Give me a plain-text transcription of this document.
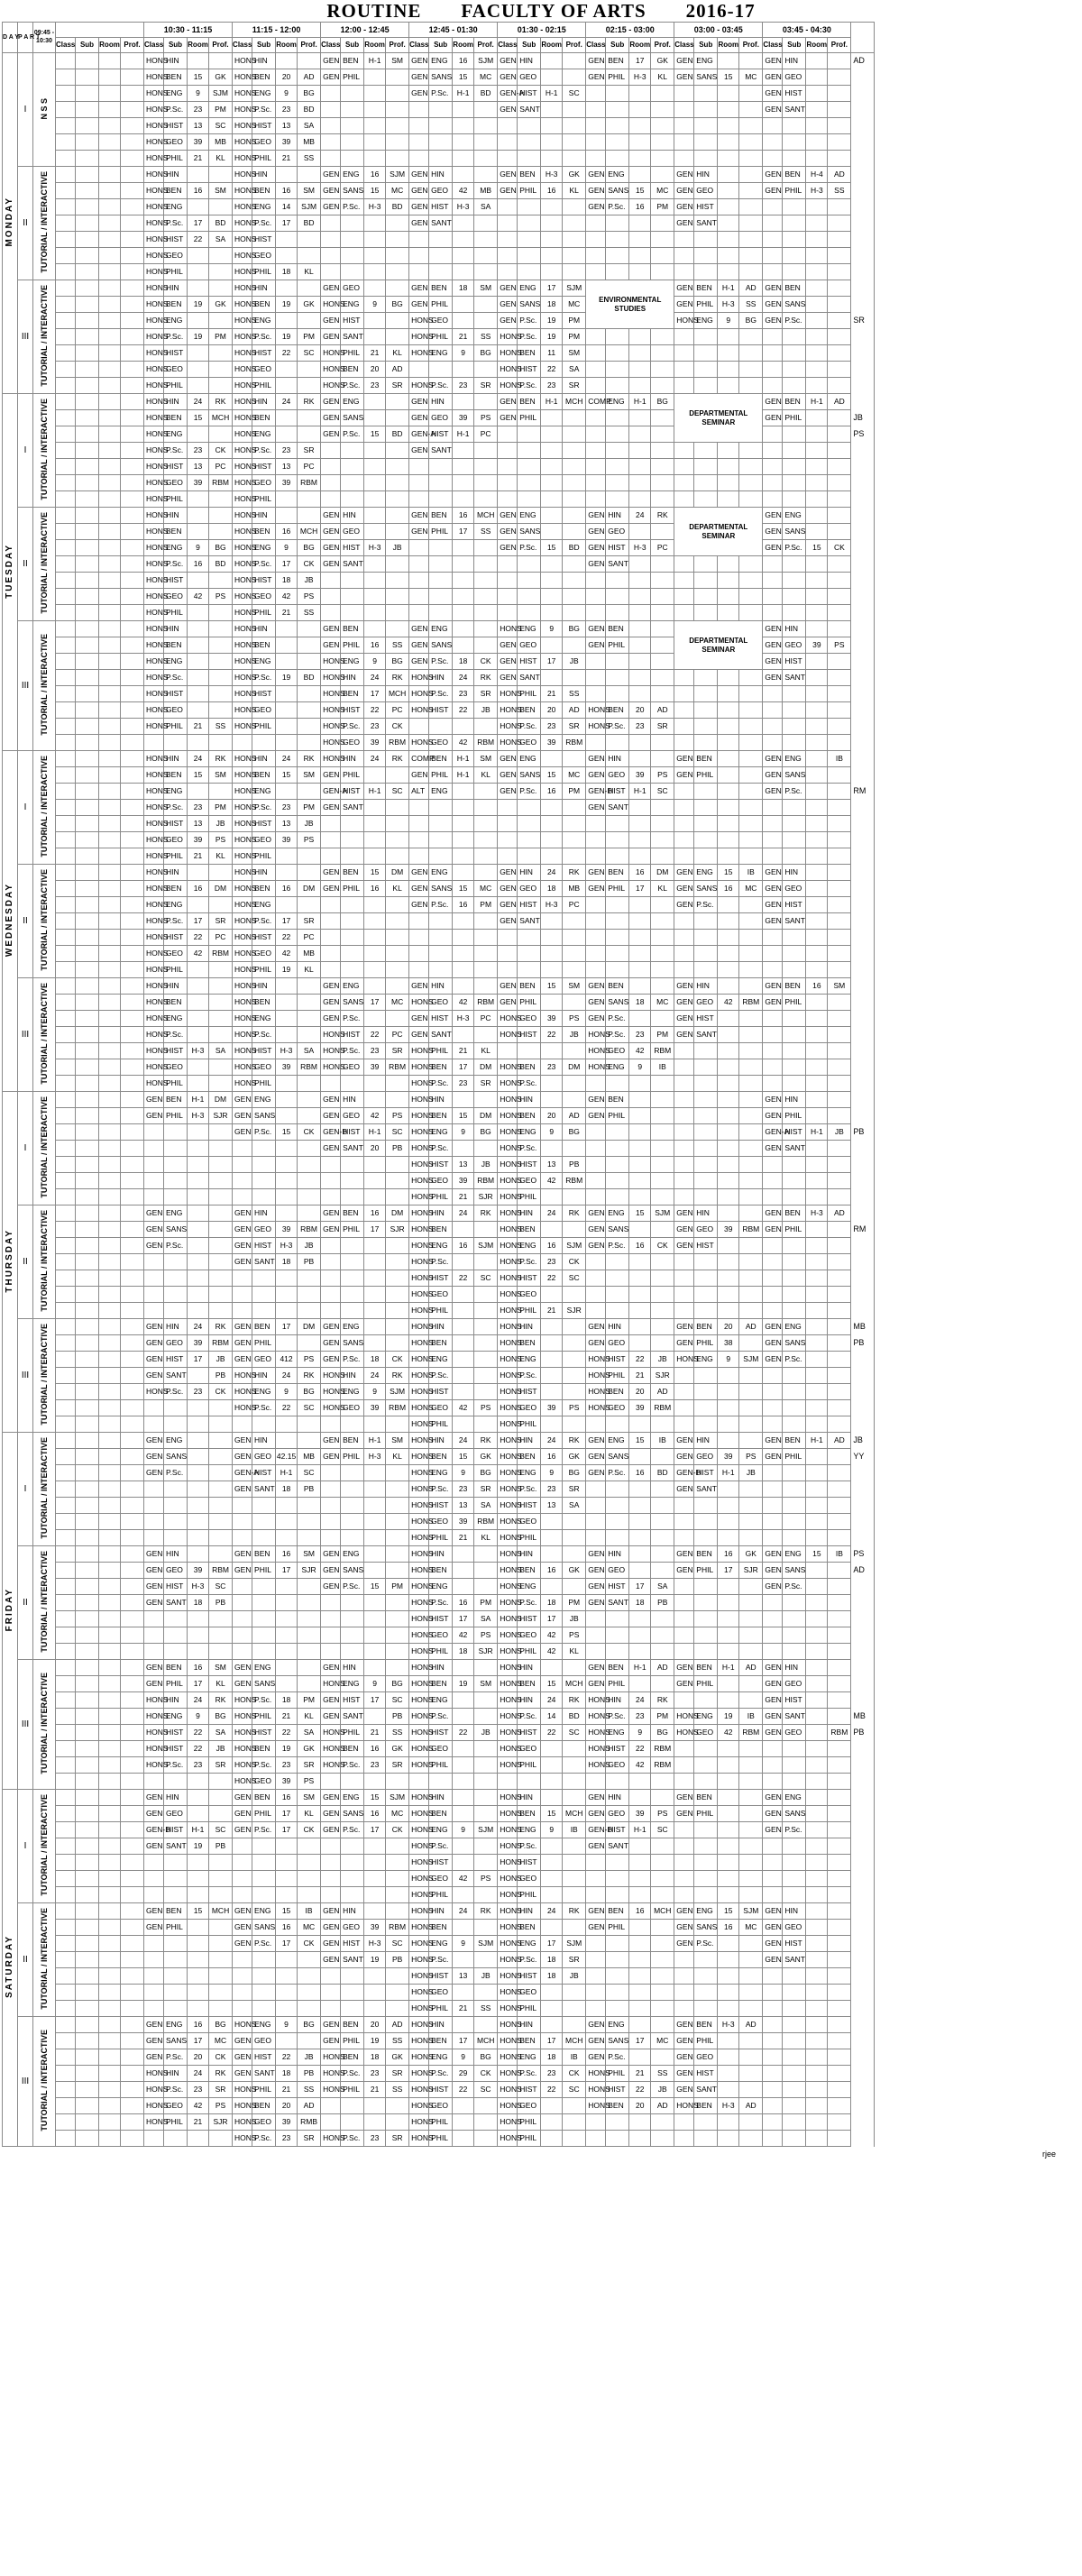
ROUTINE FACULTY OF ARTS 2016-17
D A Y	P A R T	09:45 - 10:30					10:30 - 11:15				11:15 - 12:00				12:00 - 12:45				12:45 - 01:30				01:30 - 02:15				02:15 - 03:00				03:00 - 03:45				03:45 - 04:30				
			Class	Sub	Room	Prof.	Class	Sub	Room	Prof.	Class	Sub	Room	Prof.	Class	Sub	Room	Prof.	Class	Sub	Room	Prof.	Class	Sub	Room	Prof.	Class	Sub	Room	Prof.	Class	Sub	Room	Prof.	Class	Sub	Room	Prof.	
MONDAY	I	N S S					HONS	HIN			HONS	HIN			GEN	BEN	H-1	SM	GEN	ENG	16	SJM	GEN	HIN			GEN	BEN	17	GK	GEN	ENG			GEN	HIN			AD
							HONS	BEN	15	GK	HONS	BEN	20	AD	GEN	PHIL			GEN	SANS	15	MC	GEN	GEO			GEN	PHIL	H-3	KL	GEN	SANS	15	MC	GEN	GEO			
							HONS	ENG	9	SJM	HONS	ENG	9	BG					GEN	P.Sc.	H-1	BD	GEN-A	HIST	H-1	SC									GEN	HIST			
							HONS	P.Sc.	23	PM	HONS	P.Sc.	23	BD									GEN	SANT											GEN	SANT			
							HONS	HIST	13	SC	HONS	HIST	13	SA																									
							HONS	GEO	39	MB	HONS	GEO	39	MB																									
							HONS	PHIL	21	KL	HONS	PHIL	21	SS																									
	II	TUTORIAL / INTERACTIVE					HONS	HIN			HONS	HIN			GEN	ENG	16	SJM	GEN	HIN			GEN	BEN	H-3	GK	GEN	ENG			GEN	HIN			GEN	BEN	H-4	AD	
							HONS	BEN	16	SM	HONS	BEN	16	SM	GEN	SANS	15	MC	GEN	GEO	42	MB	GEN	PHIL	16	KL	GEN	SANS	15	MC	GEN	GEO			GEN	PHIL	H-3	SS	
							HONS	ENG			HONS	ENG	14	SJM	GEN	P.Sc.	H-3	BD	GEN	HIST	H-3	SA					GEN	P.Sc.	16	PM	GEN	HIST							
							HONS	P.Sc.	17	BD	HONS	P.Sc.	17	BD					GEN	SANT											GEN	SANT							
							HONS	HIST	22	SA	HONS	HIST																											
							HONS	GEO			HONS	GEO																											
							HONS	PHIL			HONS	PHIL	18	KL																									
	III	TUTORIAL / INTERACTIVE					HONS	HIN			HONS	HIN			GEN	GEO			GEN	BEN	18	SM	GEN	ENG	17	SJM	ENVIRONMENTAL STUDIES				GEN	BEN	H-1	AD	GEN	BEN			
							HONS	BEN	19	GK	HONS	BEN	19	GK	HONS	ENG	9	BG	GEN	PHIL			GEN	SANS	18	MC					GEN	PHIL	H-3	SS	GEN	SANS			
							HONS	ENG			HONS	ENG			GEN	HIST			HONS	GEO			GEN	P.Sc.	19	PM					HONS	ENG	9	BG	GEN	P.Sc.			SR
							HONS	P.Sc.	19	PM	HONS	P.Sc.	19	PM	GEN	SANT			HONS	PHIL	21	SS	HONS	P.Sc.	19	PM													
							HONS	HIST			HONS	HIST	22	SC	HONS	PHIL	21	KL	HONS	ENG	9	BG	HONS	BEN	11	SM													
							HONS	GEO			HONS	GEO			HONS	BEN	20	AD					HONS	HIST	22	SA													
							HONS	PHIL			HONS	PHIL			HONS	P.Sc.	23	SR	HONS	P.Sc.	23	SR	HONS	P.Sc.	23	SR													
TUESDAY	I	TUTORIAL / INTERACTIVE					HONS	HIN	24	RK	HONS	HIN	24	RK	GEN	ENG			GEN	HIN			GEN	BEN	H-1	MCH	COMP	ENG	H-1	BG	DEPARTMENTAL SEMINAR				GEN	BEN	H-1	AD	
							HONS	BEN	15	MCH	HONS	BEN			GEN	SANS			GEN	GEO	39	PS	GEN	PHIL											GEN	PHIL			JB
							HONS	ENG			HONS	ENG			GEN	P.Sc.	15	BD	GEN-A	HIST	H-1	PC																	PS
							HONS	P.Sc.	23	CK	HONS	P.Sc.	23	SR					GEN	SANT																			
							HONS	HIST	13	PC	HONS	HIST	13	PC																									
							HONS	GEO	39	RBM	HONS	GEO	39	RBM																									
							HONS	PHIL			HONS	PHIL																											
	II	TUTORIAL / INTERACTIVE					HONS	HIN			HONS	HIN			GEN	HIN			GEN	BEN	16	MCH	GEN	ENG			GEN	HIN	24	RK	DEPARTMENTAL SEMINAR				GEN	ENG			
							HONS	BEN			HONS	BEN	16	MCH	GEN	GEO			GEN	PHIL	17	SS	GEN	SANS			GEN	GEO							GEN	SANS			
							HONS	ENG	9	BG	HONS	ENG	9	BG	GEN	HIST	H-3	JB					GEN	P.Sc.	15	BD	GEN	HIST	H-3	PC					GEN	P.Sc.	15	CK	
							HONS	P.Sc.	16	BD	HONS	P.Sc.	17	CK	GEN	SANT											GEN	SANT											
							HONS	HIST			HONS	HIST	18	JB																									
							HONS	GEO	42	PS	HONS	GEO	42	PS																									
							HONS	PHIL			HONS	PHIL	21	SS																									
	III	TUTORIAL / INTERACTIVE					HONS	HIN			HONS	HIN			GEN	BEN			GEN	ENG			HONS	ENG	9	BG	GEN	BEN			DEPARTMENTAL SEMINAR				GEN	HIN			
							HONS	BEN			HONS	BEN			GEN	PHIL	16	SS	GEN	SANS			GEN	GEO			GEN	PHIL							GEN	GEO	39	PS	
							HONS	ENG			HONS	ENG			HONS	ENG	9	BG	GEN	P.Sc.	18	CK	GEN	HIST	17	JB									GEN	HIST			
							HONS	P.Sc.			HONS	P.Sc.	19	BD	HONS	HIN	24	RK	HONS	HIN	24	RK	GEN	SANT											GEN	SANT			
							HONS	HIST			HONS	HIST			HONS	BEN	17	MCH	HONS	P.Sc.	23	SR	HONS	PHIL	21	SS													
							HONS	GEO			HONS	GEO			HONS	HIST	22	PC	HONS	HIST	22	JB	HONS	BEN	20	AD	HONS	BEN	20	AD									
							HONS	PHIL	21	SS	HONS	PHIL			HONS	P.Sc.	23	CK					HONS	P.Sc.	23	SR	HONS	P.Sc.	23	SR									
															HONS	GEO	39	RBM	HONS	GEO	42	RBM	HONS	GEO	39	RBM													
WEDNESDAY	I	TUTORIAL / INTERACTIVE					HONS	HIN	24	RK	HONS	HIN	24	RK	HONS	HIN	24	RK	COMP	BEN	H-1	SM	GEN	ENG			GEN	HIN			GEN	BEN			GEN	ENG		IB	
							HONS	BEN	15	SM	HONS	BEN	15	SM	GEN	PHIL			GEN	PHIL	H-1	KL	GEN	SANS	15	MC	GEN	GEO	39	PS	GEN	PHIL			GEN	SANS			
							HONS	ENG			HONS	ENG			GEN-A	HIST	H-1	SC	ALT	ENG			GEN	P.Sc.	16	PM	GEN-B	HIST	H-1	SC					GEN	P.Sc.			RM
							HONS	P.Sc.	23	PM	HONS	P.Sc.	23	PM	GEN	SANT											GEN	SANT											
							HONS	HIST	13	JB	HONS	HIST	13	JB																									
							HONS	GEO	39	PS	HONS	GEO	39	PS																									
							HONS	PHIL	21	KL	HONS	PHIL																											
	II	TUTORIAL / INTERACTIVE					HONS	HIN			HONS	HIN			GEN	BEN	15	DM	GEN	ENG			GEN	HIN	24	RK	GEN	BEN	16	DM	GEN	ENG	15	IB	GEN	HIN			
							HONS	BEN	16	DM	HONS	BEN	16	DM	GEN	PHIL	16	KL	GEN	SANS	15	MC	GEN	GEO	18	MB	GEN	PHIL	17	KL	GEN	SANS	16	MC	GEN	GEO			
							HONS	ENG			HONS	ENG							GEN	P.Sc.	16	PM	GEN	HIST	H-3	PC					GEN	P.Sc.			GEN	HIST			
							HONS	P.Sc.	17	SR	HONS	P.Sc.	17	SR									GEN	SANT											GEN	SANT			
							HONS	HIST	22	PC	HONS	HIST	22	PC																									
							HONS	GEO	42	RBM	HONS	GEO	42	MB																									
							HONS	PHIL			HONS	PHIL	19	KL																									
	III	TUTORIAL / INTERACTIVE					HONS	HIN			HONS	HIN			GEN	ENG			GEN	HIN			GEN	BEN	15	SM	GEN	BEN			GEN	HIN			GEN	BEN	16	SM	
							HONS	BEN			HONS	BEN			GEN	SANS	17	MC	HONS	GEO	42	RBM	GEN	PHIL			GEN	SANS	18	MC	GEN	GEO	42	RBM	GEN	PHIL			
							HONS	ENG			HONS	ENG			GEN	P.Sc.			GEN	HIST	H-3	PC	HONS	GEO	39	PS	GEN	P.Sc.			GEN	HIST							
							HONS	P.Sc.			HONS	P.Sc.			HONS	HIST	22	PC	GEN	SANT			HONS	HIST	22	JB	HONS	P.Sc.	23	PM	GEN	SANT							
							HONS	HIST	H-3	SA	HONS	HIST	H-3	SA	HONS	P.Sc.	23	SR	HONS	PHIL	21	KL					HONS	GEO	42	RBM									
							HONS	GEO			HONS	GEO	39	RBM	HONS	GEO	39	RBM	HONS	BEN	17	DM	HONS	BEN	23	DM	HONS	ENG	9	IB									
							HONS	PHIL			HONS	PHIL							HONS	P.Sc.	23	SR	HONS	P.Sc.															
THURSDAY	I	TUTORIAL / INTERACTIVE					GEN	BEN	H-1	DM	GEN	ENG			GEN	HIN			HONS	HIN			HONS	HIN			GEN	BEN							GEN	HIN			
							GEN	PHIL	H-3	SJR	GEN	SANS			GEN	GEO	42	PS	HONS	BEN	15	DM	HONS	BEN	20	AD	GEN	PHIL							GEN	PHIL			
											GEN	P.Sc.	15	CK	GEN-B	HIST	H-1	SC	HONS	ENG	9	BG	HONS	ENG	9	BG									GEN-A	HIST	H-1	JB	PB
															GEN	SANT	20	PB	HONS	P.Sc.			HONS	P.Sc.											GEN	SANT			
																			HONS	HIST	13	JB	HONS	HIST	13	PB													
																			HONS	GEO	39	RBM	HONS	GEO	42	RBM													
																			HONS	PHIL	21	SJR	HONS	PHIL															
	II	TUTORIAL / INTERACTIVE					GEN	ENG			GEN	HIN			GEN	BEN	16	DM	HONS	HIN	24	RK	HONS	HIN	24	RK	GEN	ENG	15	SJM	GEN	HIN			GEN	BEN	H-3	AD	
							GEN	SANS			GEN	GEO	39	RBM	GEN	PHIL	17	SJR	HONS	BEN			HONS	BEN			GEN	SANS			GEN	GEO	39	RBM	GEN	PHIL			RM
							GEN	P.Sc.			GEN	HIST	H-3	JB					HONS	ENG	16	SJM	HONS	ENG	16	SJM	GEN	P.Sc.	16	CK	GEN	HIST							
											GEN	SANT	18	PB					HONS	P.Sc.			HONS	P.Sc.	23	CK													
																			HONS	HIST	22	SC	HONS	HIST	22	SC													
																			HONS	GEO			HONS	GEO															
																			HONS	PHIL			HONS	PHIL	21	SJR													
	III	TUTORIAL / INTERACTIVE					GEN	HIN	24	RK	GEN	BEN	17	DM	GEN	ENG			HONS	HIN			HONS	HIN			GEN	HIN			GEN	BEN	20	AD	GEN	ENG			MB
							GEN	GEO	39	RBM	GEN	PHIL			GEN	SANS			HONS	BEN			HONS	BEN			GEN	GEO			GEN	PHIL	38		GEN	SANS			PB
							GEN	HIST	17	JB	GEN	GEO	412	PS	GEN	P.Sc.	18	CK	HONS	ENG			HONS	ENG			HONS	HIST	22	JB	HONS	ENG	9	SJM	GEN	P.Sc.			
							GEN	SANT		PB	HONS	HIN	24	RK	HONS	HIN	24	RK	HONS	P.Sc.			HONS	P.Sc.			HONS	PHIL	21	SJR									
							HONS	P.Sc.	23	CK	HONS	ENG	9	BG	HONS	ENG	9	SJM	HONS	HIST			HONS	HIST			HONS	BEN	20	AD									
											HONS	P.Sc.	22	SC	HONS	GEO	39	RBM	HONS	GEO	42	PS	HONS	GEO	39	PS	HONS	GEO	39	RBM									
																			HONS	PHIL			HONS	PHIL															
FRIDAY	I	TUTORIAL / INTERACTIVE					GEN	ENG			GEN	HIN			GEN	BEN	H-1	SM	HONS	HIN	24	RK	HONS	HIN	24	RK	GEN	ENG	15	IB	GEN	HIN			GEN	BEN	H-1	AD	JB
							GEN	SANS			GEN	GEO	42.15	MB	GEN	PHIL	H-3	KL	HONS	BEN	15	GK	HONS	BEN	16	GK	GEN	SANS			GEN	GEO	39	PS	GEN	PHIL			YY
							GEN	P.Sc.			GEN-A	HIST	H-1	SC					HONS	ENG	9	BG	HONS	ENG	9	BG	GEN	P.Sc.	16	BD	GEN-B	HIST	H-1	JB					
											GEN	SANT	18	PB					HONS	P.Sc.	23	SR	HONS	P.Sc.	23	SR					GEN	SANT							
																			HONS	HIST	13	SA	HONS	HIST	13	SA													
																			HONS	GEO	39	RBM	HONS	GEO															
																			HONS	PHIL	21	KL	HONS	PHIL															
	II	TUTORIAL / INTERACTIVE					GEN	HIN			GEN	BEN	16	SM	GEN	ENG			HONS	HIN			HONS	HIN			GEN	HIN			GEN	BEN	16	GK	GEN	ENG	15	IB	PS
							GEN	GEO	39	RBM	GEN	PHIL	17	SJR	GEN	SANS			HONS	BEN			HONS	BEN	16	GK	GEN	GEO			GEN	PHIL	17	SJR	GEN	SANS			AD
							GEN	HIST	H-3	SC					GEN	P.Sc.	15	PM	HONS	ENG			HONS	ENG			GEN	HIST	17	SA					GEN	P.Sc.			
							GEN	SANT	18	PB									HONS	P.Sc.	16	PM	HONS	P.Sc.	18	PM	GEN	SANT	18	PB									
																			HONS	HIST	17	SA	HONS	HIST	17	JB													
																			HONS	GEO	42	PS	HONS	GEO	42	PS													
																			HONS	PHIL	18	SJR	HONS	PHIL	42	KL													
	III	TUTORIAL / INTERACTIVE					GEN	BEN	16	SM	GEN	ENG			GEN	HIN			HONS	HIN			HONS	HIN			GEN	BEN	H-1	AD	GEN	BEN	H-1	AD	GEN	HIN			
							GEN	PHIL	17	KL	GEN	SANS			HONS	ENG	9	BG	HONS	BEN	19	SM	HONS	BEN	15	MCH	GEN	PHIL			GEN	PHIL			GEN	GEO			
							HONS	HIN	24	RK	HONS	P.Sc.	18	PM	GEN	HIST	17	SC	HONS	ENG			HONS	HIN	24	RK	HONS	HIN	24	RK					GEN	HIST			
							HONS	ENG	9	BG	HONS	PHIL	21	KL	GEN	SANT		PB	HONS	P.Sc.			HONS	P.Sc.	14	BD	HONS	P.Sc.	23	PM	HONS	ENG	19	IB	GEN	SANT			MB
							HONS	HIST	22	SA	HONS	HIST	22	SA	HONS	PHIL	21	SS	HONS	HIST	22	JB	HONS	HIST	22	SC	HONS	ENG	9	BG	HONS	GEO	42	RBM	GEN	GEO		RBM	PB
							HONS	HIST	22	JB	HONS	BEN	19	GK	HONS	BEN	16	GK	HONS	GEO			HONS	GEO			HONS	HIST	22	RBM									
							HONS	P.Sc.	23	SR	HONS	P.Sc.	23	SR	HONS	P.Sc.	23	SR	HONS	PHIL			HONS	PHIL			HONS	GEO	42	RBM									
											HONS	GEO	39	PS																									
SATURDAY	I	TUTORIAL / INTERACTIVE					GEN	HIN			GEN	BEN	16	SM	GEN	ENG	15	SJM	HONS	HIN			HONS	HIN			GEN	HIN			GEN	BEN			GEN	ENG			
							GEN	GEO			GEN	PHIL	17	KL	GEN	SANS	16	MC	HONS	BEN			HONS	BEN	15	MCH	GEN	GEO	39	PS	GEN	PHIL			GEN	SANS			
							GEN-B	HIST	H-1	SC	GEN	P.Sc.	17	CK	GEN	P.Sc.	17	CK	HONS	ENG	9	SJM	HONS	ENG	9	IB	GEN-B	HIST	H-1	SC					GEN	P.Sc.			
							GEN	SANT	19	PB									HONS	P.Sc.			HONS	P.Sc.			GEN	SANT											
																			HONS	HIST			HONS	HIST															
																			HONS	GEO	42	PS	HONS	GEO															
																			HONS	PHIL			HONS	PHIL															
	II	TUTORIAL / INTERACTIVE					GEN	BEN	15	MCH	GEN	ENG	15	IB	GEN	HIN			HONS	HIN	24	RK	HONS	HIN	24	RK	GEN	BEN	16	MCH	GEN	ENG	15	SJM	GEN	HIN			
							GEN	PHIL			GEN	SANS	16	MC	GEN	GEO	39	RBM	HONS	BEN			HONS	BEN			GEN	PHIL			GEN	SANS	16	MC	GEN	GEO			
											GEN	P.Sc.	17	CK	GEN	HIST	H-3	SC	HONS	ENG	9	SJM	HONS	ENG	17	SJM					GEN	P.Sc.			GEN	HIST			
															GEN	SANT	19	PB	HONS	P.Sc.			HONS	P.Sc.	18	SR									GEN	SANT			
																			HONS	HIST	13	JB	HONS	HIST	18	JB													
																			HONS	GEO			HONS	GEO															
																			HONS	PHIL	21	SS	HONS	PHIL															
	III	TUTORIAL / INTERACTIVE					GEN	ENG	16	BG	HONS	ENG	9	BG	GEN	BEN	20	AD	HONS	HIN			HONS	HIN			GEN	ENG			GEN	BEN	H-3	AD					
							GEN	SANS	17	MC	GEN	GEO			GEN	PHIL	19	SS	HONS	BEN	17	MCH	HONS	BEN	17	MCH	GEN	SANS	17	MC	GEN	PHIL							
							GEN	P.Sc.	20	CK	GEN	HIST	22	JB	HONS	BEN	18	GK	HONS	ENG	9	BG	HONS	ENG	18	IB	GEN	P.Sc.			GEN	GEO							
							HONS	HIN	24	RK	GEN	SANT	18	PB	HONS	P.Sc.	23	SR	HONS	P.Sc.	29	CK	HONS	P.Sc.	23	CK	HONS	PHIL	21	SS	GEN	HIST							
							HONS	P.Sc.	23	SR	HONS	PHIL	21	SS	HONS	PHIL	21	SS	HONS	HIST	22	SC	HONS	HIST	22	SC	HONS	HIST	22	JB	GEN	SANT							
							HONS	GEO	42	PS	HONS	BEN	20	AD					HONS	GEO			HONS	GEO			HONS	BEN	20	AD	HONS	BEN	H-3	AD					
							HONS	PHIL	21	SJR	HONS	GEO	39	RMB					HONS	PHIL			HONS	PHIL															
											HONS	P.Sc.	23	SR	HONS	P.Sc.	23	SR	HONS	PHIL			HONS	PHIL															
rjee																																							
